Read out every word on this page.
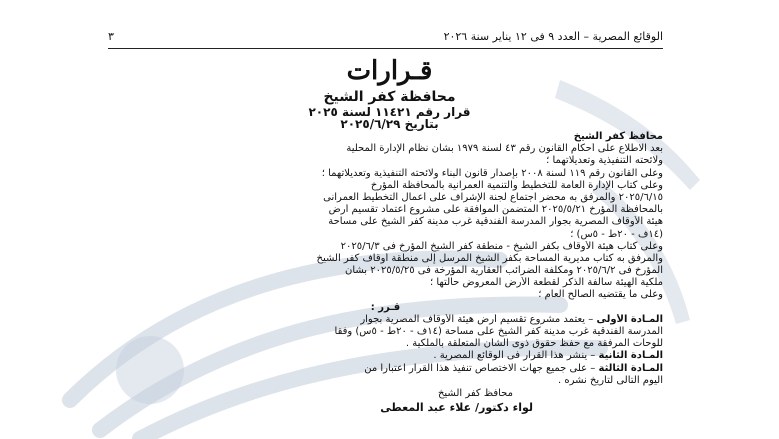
الوقائع المصرية – العدد ٩ فى ١٢ يناير سنة ٢٠٢٦
٣
قـرارات
محافظة كفر الشيخ
قرار رقم ١١٤٢١ لسنة ٢٠٢٥
بتاريخ ٢٠٢٥/٦/٢٩
محافظ كفر الشيخ
بعد الاطلاع على أحكام القانون رقم ٤٣ لسنة ١٩٧٩ بشأن نظام الإدارة المحلية
ولائحته التنفيذية وتعديلاتهما ؛
وعلى القانون رقم ١١٩ لسنة ٢٠٠٨ بإصدار قانون البناء ولائحته التنفيذية وتعديلاتهما ؛
وعلى كتاب الإدارة العامة للتخطيط والتنمية العمرانية بالمحافظة المؤرخ
٢٠٢٥/٦/١٥ والمرفق به محضر اجتماع لجنة الإشراف على أعمال التخطيط العمرانى
بالمحافظة المؤرخ ٢٠٢٥/٥/٢١ المتضمن الموافقة على مشروع اعتماد تقسيم أرض
هيئة الأوقاف المصرية بجوار المدرسة الفندقية غرب مدينة كفر الشيخ على مساحة
(١٤ف - ٢٠ط - ٥س) ؛
وعلى كتاب هيئة الأوقاف بكفر الشيخ - منطقة كفر الشيخ المؤرخ فى ٢٠٢٥/٦/٣
والمرفق به كتاب مديرية المساحة بكفر الشيخ المرسل إلى منطقة أوقاف كفر الشيخ
المؤرخ فى ٢٠٢٥/٦/٢ ومكلفة الضرائب العقارية المؤرخة فى ٢٠٢٥/٥/٢٥ بشأن
ملكية الهيئة سالفة الذكر لقطعة الأرض المعروض حالتها ؛
وعلى ما يقتضيه الصالح العام ؛
قـرر :
المـادة الأولى – يعتمد مشروع تقسيم أرض هيئة الأوقاف المصرية بجوار
المدرسة الفندقية غرب مدينة كفر الشيخ على مساحة (١٤ف - ٢٠ط - ٥س) وفقاً
للوحات المرفقة مع حفظ حقوق ذوى الشأن المتعلقة بالملكية .
المـادة الثانية – ينشر هذا القرار فى الوقائع المصرية .
المـادة الثالثة – على جميع جهات الاختصاص تنفيذ هذا القرار اعتباراً من
اليوم التالى لتاريخ نشره .
محافظ كفر الشيخ
لواء دكتور/ علاء عبد المعطى
